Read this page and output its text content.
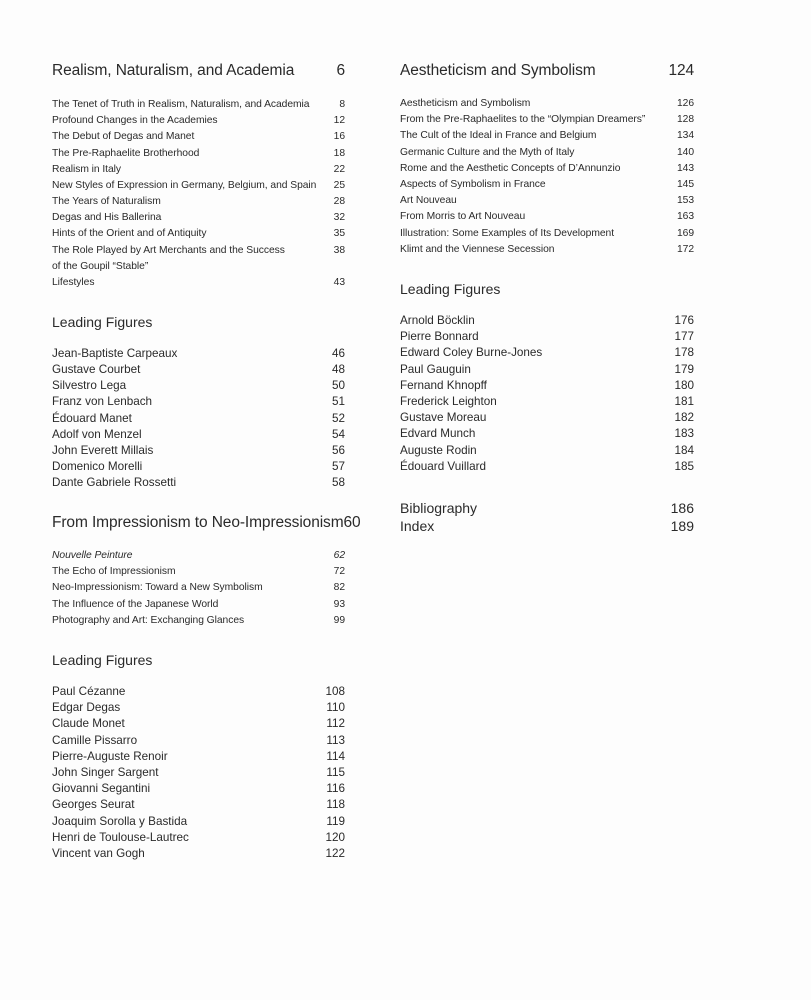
Realism, Naturalism, and Academia	6
The Tenet of Truth in Realism, Naturalism, and Academia	8
Profound Changes in the Academies	12
The Debut of Degas and Manet	16
The Pre-Raphaelite Brotherhood	18
Realism in Italy	22
New Styles of Expression in Germany, Belgium, and Spain 25
The Years of Naturalism	28
Degas and His Ballerina	32
Hints of the Orient and of Antiquity	35
The Role Played by Art Merchants and the Success	38
of the Goupil “Stable”
Lifestyles	43
Leading Figures
Jean-Baptiste Carpeaux	46
Gustave Courbet	48
Silvestro Lega	50
Franz von Lenbach	51
Édouard Manet	52
Adolf von Menzel	54
John Everett Millais	56
Domenico Morelli	57
Dante Gabriele Rossetti	58
From Impressionism to Neo-Impressionism 60
Nouvelle Peinture	62
The Echo of Impressionism	72
Neo-Impressionism: Toward a New Symbolism	82
The Influence of the Japanese World	93
Photography and Art: Exchanging Glances	99
Leading Figures
Paul Cézanne	108
Edgar Degas	110
Claude Monet	112
Camille Pissarro	113
Pierre-Auguste Renoir	114
John Singer Sargent	115
Giovanni Segantini	116
Georges Seurat	118
Joaquim Sorolla y Bastida	119
Henri de Toulouse-Lautrec	120
Vincent van Gogh	122
Aestheticism and Symbolism	124
Aestheticism and Symbolism	126
From the Pre-Raphaelites to the “Olympian Dreamers”	128
The Cult of the Ideal in France and Belgium	134
Germanic Culture and the Myth of Italy	140
Rome and the Aesthetic Concepts of D’Annunzio	143
Aspects of Symbolism in France	145
Art Nouveau	153
From Morris to Art Nouveau	163
Illustration: Some Examples of Its Development	169
Klimt and the Viennese Secession	172
Leading Figures
Arnold Böcklin	176
Pierre Bonnard	177
Edward Coley Burne-Jones	178
Paul Gauguin	179
Fernand Khnopff	180
Frederick Leighton	181
Gustave Moreau	182
Edvard Munch	183
Auguste Rodin	184
Édouard Vuillard	185
Bibliography	186
Index	189
